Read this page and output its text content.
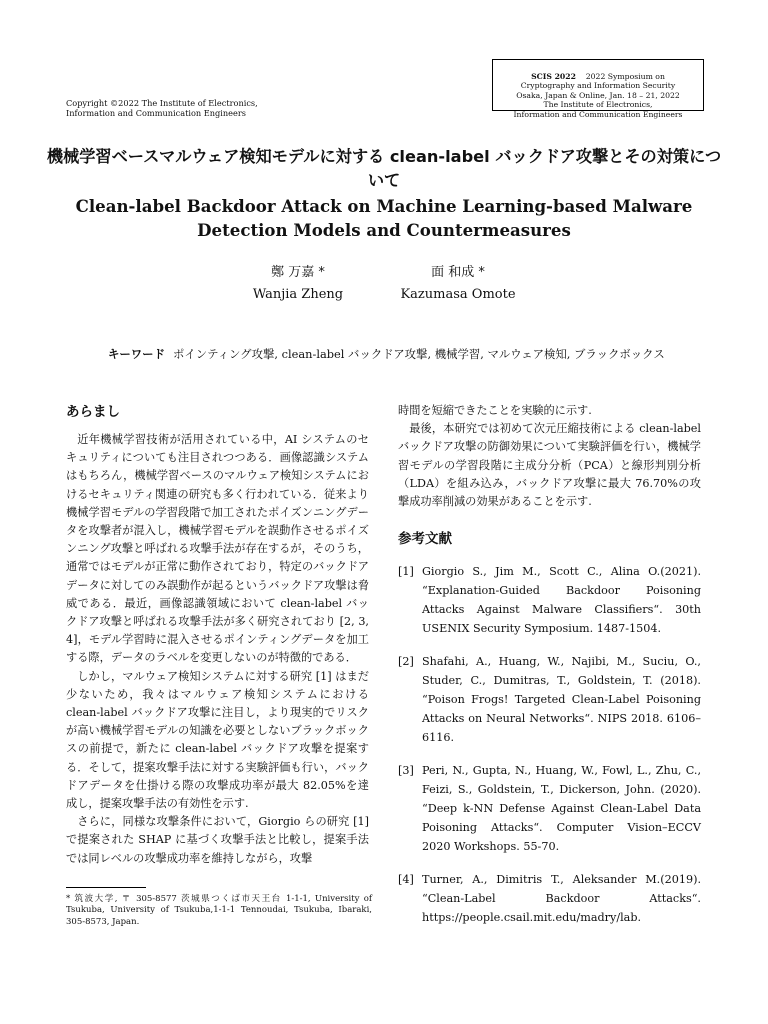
Copyright ©2022 The Institute of Electronics,
Information and Communication Engineers

SCIS 2022 2022 Symposium on
Cryptography and Information Security
Osaka, Japan & Online, Jan. 18 – 21, 2022
The Institute of Electronics,
Information and Communication Engineers

機械学習ベースマルウェア検知モデルに対する clean-label バックドア攻撃とその対策について
Clean-label Backdoor Attack on Machine Learning-based Malware Detection Models and Countermeasures
鄭 万嘉 *
Wanjia Zheng
面 和成 *
Kazumasa Omote
キーワード ポインティング攻撃, clean-label バックドア攻撃, 機械学習, マルウェア検知, ブラックボックス
あらまし

近年機械学習技術が活用されている中，AI システムのセキュリティについても注目されつつある．画像認識システムはもちろん，機械学習ベースのマルウェア検知システムにおけるセキュリティ関連の研究も多く行われている．従来より機械学習モデルの学習段階で加工されたポイズンニングデータを攻撃者が混入し，機械学習モデルを誤動作させるポイズンニング攻撃と呼ばれる攻撃手法が存在するが，そのうち，通常ではモデルが正常に動作されており，特定のバックドアデータに対してのみ誤動作が起るというバックドア攻撃は脅威である．最近，画像認識領域において clean-label バックドア攻撃と呼ばれる攻撃手法が多く研究されており [2, 3, 4]，モデル学習時に混入させるポインティングデータを加工する際，データのラベルを変更しないのが特徴的である．

しかし，マルウェア検知システムに対する研究 [1] はまだ少ないため，我々はマルウェア検知システムにおける clean-label バックドア攻撃に注目し，より現実的でリスクが高い機械学習モデルの知識を必要としないブラックボックスの前提で，新たに clean-label バックドア攻撃を提案する．そして，提案攻撃手法に対する実験評価も行い，バックドアデータを仕掛ける際の攻撃成功率が最大 82.05%を達成し，提案攻撃手法の有効性を示す.

さらに，同様な攻撃条件において，Giorgio らの研究 [1] で提案された SHAP に基づく攻撃手法と比較し，提案手法では同レベルの攻撃成功率を維持しながら，攻撃

* 筑波大学, 〒 305-8577 茨城県つくば市天王台 1-1-1, University of Tsukuba, University of Tsukuba,1-1-1 Tennoudai, Tsukuba, Ibaraki, 305-8573, Japan.

時間を短縮できたことを実験的に示す.

最後，本研究では初めて次元圧縮技術による clean-label バックドア攻撃の防御効果について実験評価を行い，機械学習モデルの学習段階に主成分分析（PCA）と線形判別分析（LDA）を組み込み，バックドア攻撃に最大 76.70%の攻撃成功率削減の効果があることを示す.

参考文献
[1] Giorgio S., Jim M., Scott C., Alina O.(2021). “Explanation-Guided Backdoor Poisoning Attacks Against Malware Classifiers“. 30th USENIX Security Symposium. 1487-1504.
[2] Shafahi, A., Huang, W., Najibi, M., Suciu, O., Studer, C., Dumitras, T., Goldstein, T. (2018). “Poison Frogs! Targeted Clean-Label Poisoning Attacks on Neural Networks“. NIPS 2018. 6106–6116.
[3] Peri, N., Gupta, N., Huang, W., Fowl, L., Zhu, C., Feizi, S., Goldstein, T., Dickerson, John. (2020). “Deep k-NN Defense Against Clean-Label Data Poisoning Attacks“. Computer Vision–ECCV 2020 Workshops. 55-70.
[4] Turner, A., Dimitris T., Aleksander M.(2019). “Clean-Label Backdoor Attacks“. https://people.csail.mit.edu/madry/lab.
